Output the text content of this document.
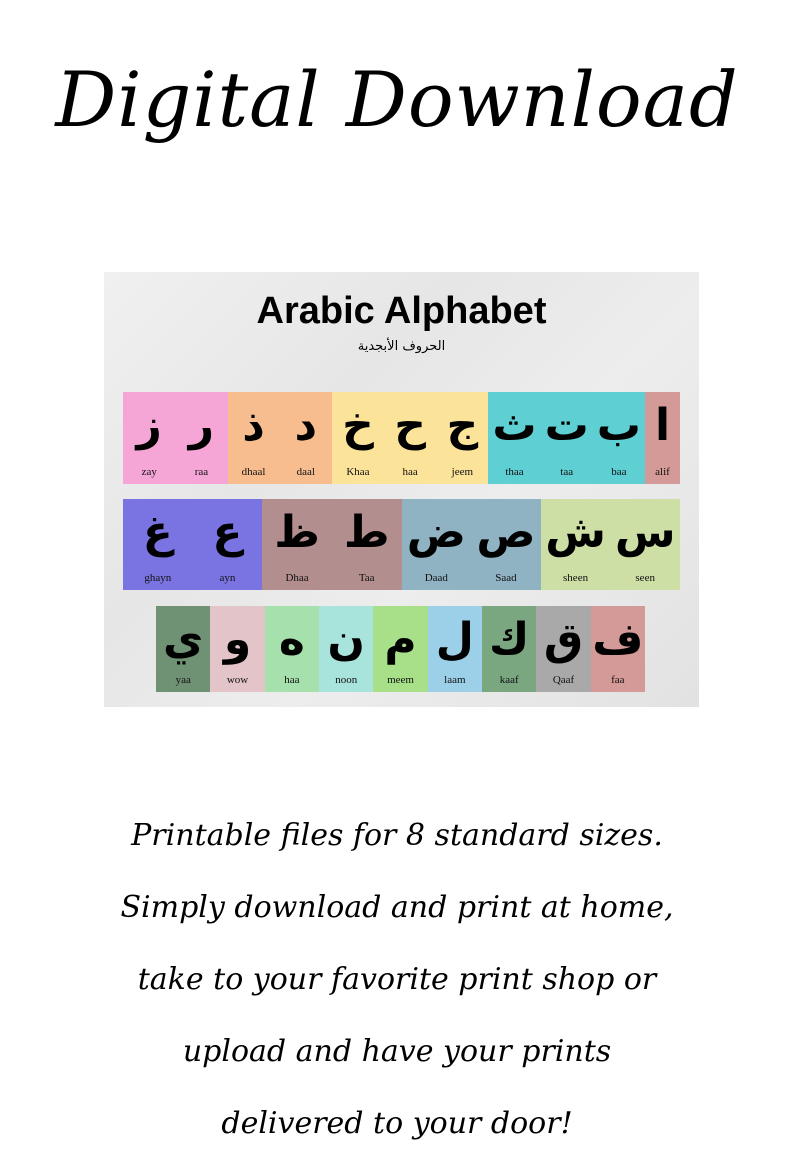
Digital Download
Arabic Alphabet
الحروف الأبجدية
ا
alif
ب
baa
ت
taa
ث
thaa
ج
jeem
ح
haa
خ
Khaa
د
daal
ذ
dhaal
ر
raa
ز
zay
س
seen
ش
sheen
ص
Saad
ض
Daad
ط
Taa
ظ
Dhaa
ع
ayn
غ
ghayn
ف
faa
ق
Qaaf
ك
kaaf
ل
laam
م
meem
ن
noon
ه
haa
و
wow
ي
yaa
Printable files for 8 standard sizes.
Simply download and print at home,
take to your favorite print shop or
upload and have your prints
delivered to your door!
